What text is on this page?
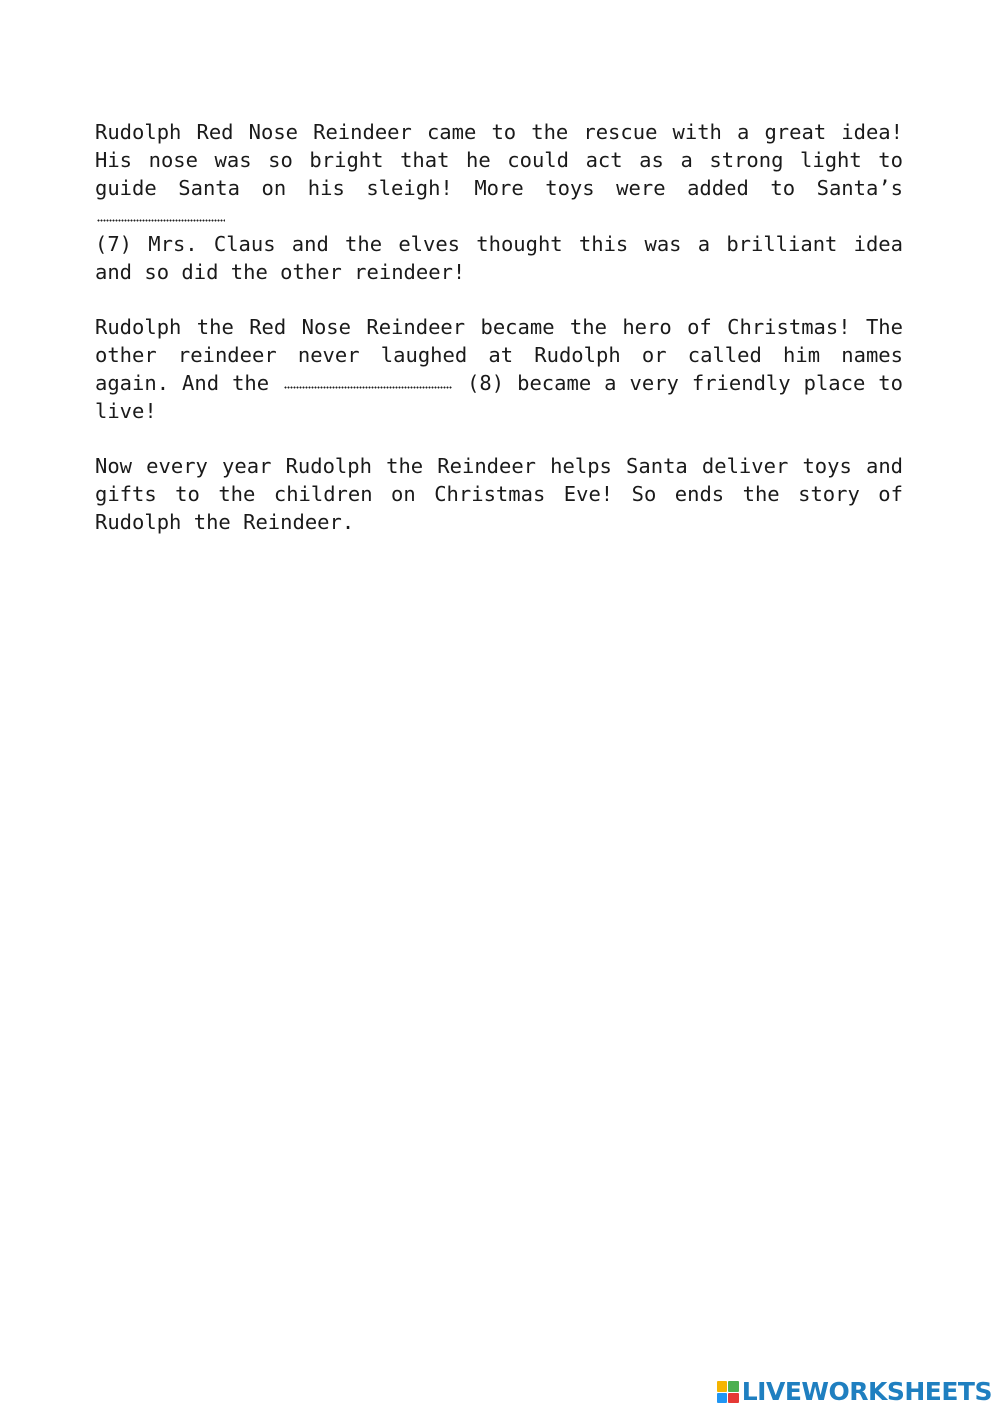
Rudolph Red Nose Reindeer came to the rescue with a great idea! His nose was so bright that he could act as a strong light to guide Santa on his sleigh! More toys were added to Santa’s
(7) Mrs. Claus and the elves thought this was a brilliant idea and so did the other reindeer!

Rudolph the Red Nose Reindeer became the hero of Christmas! The other reindeer never laughed at Rudolph or called him names again. And the	(8) became a very friendly place to live!

Now every year Rudolph the Reindeer helps Santa deliver toys and gifts to the children on Christmas Eve! So ends the story of Rudolph the Reindeer.

LIVEWORKSHEETS
